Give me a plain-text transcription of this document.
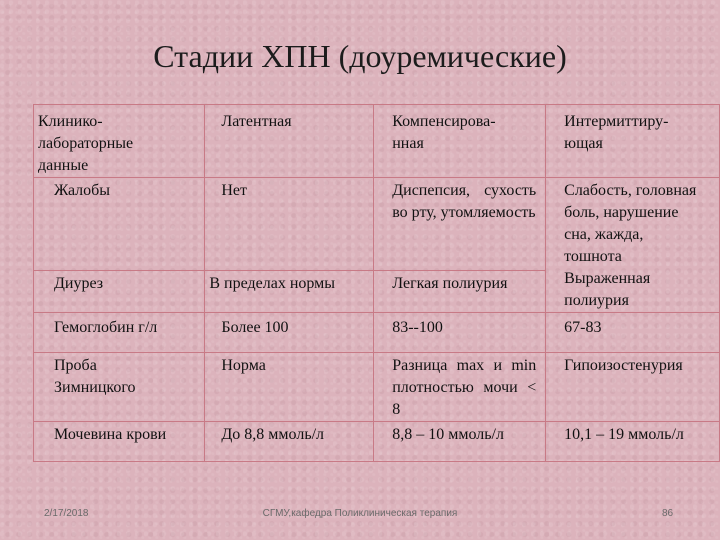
Стадии ХПН (доуремические)
Клинико-лабораторные данные	Латентная	Компенсирова-нная	Интермиттиру-ющая

Жалобы	Нет	Диспепсия, сухость во рту, утомляемость	Слабость, головная боль, нарушение сна, жажда, тошнота
Выраженная полиурия

Диурез	В пределах нормы	Легкая полиурия	

Гемоглобин г/л	Более 100	83--100	67-83

Проба Зимницкого	Норма	Разница max и min плотностью мочи < 8	Гипоизостенурия

Мочевина крови	До 8,8 ммоль/л	8,8 – 10 ммоль/л	10,1 – 19 ммоль/л
2/17/2018	СГМУ,кафедра Поликлиническая терапия	86
